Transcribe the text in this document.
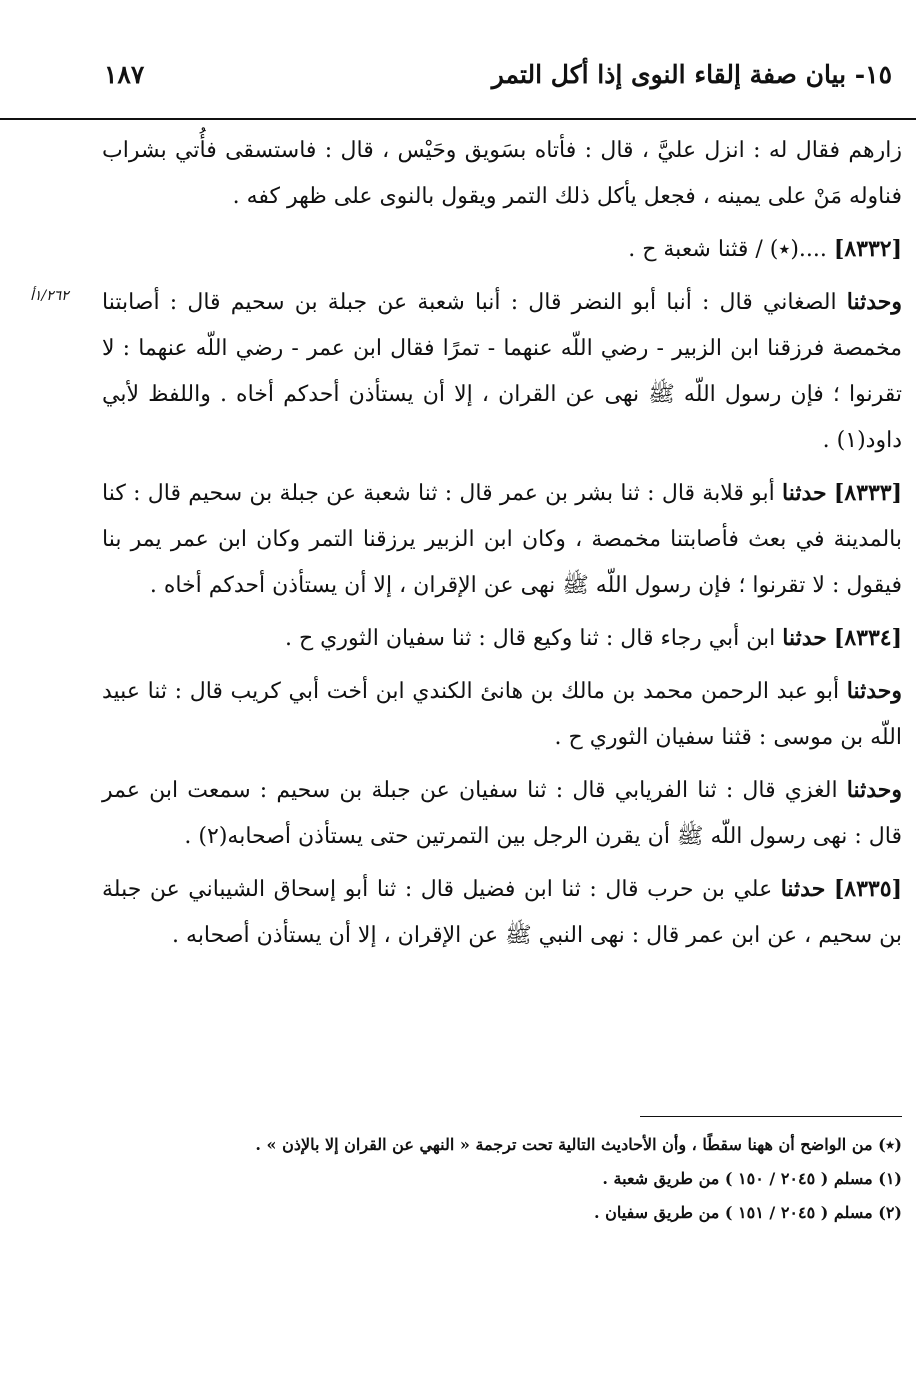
١٥- بيان صفة إلقاء النوى إذا أكل التمر
١٨٧
١/٢٦٢أ

زارهم فقال له : انزل عليَّ ، قال : فأتاه بسَويق وحَيْس ، قال : فاستسقى فأُتي بشراب فناوله مَنْ على يمينه ، فجعل يأكل ذلك التمر ويقول بالنوى على ظهر كفه .

[٨٣٣٢] ....(٭) / قثنا شعبة ح .

وحدثنا الصغاني قال : أنبا أبو النضر قال : أنبا شعبة عن جبلة بن سحيم قال : أصابتنا مخمصة فرزقنا ابن الزبير - رضي اللّه عنهما - تمرًا فقال ابن عمر - رضي اللّه عنهما : لا تقرنوا ؛ فإن رسول اللّه ﷺ نهى عن القران ، إلا أن يستأذن أحدكم أخاه . واللفظ لأبي داود(١) .

[٨٣٣٣] حدثنا أبو قلابة قال : ثنا بشر بن عمر قال : ثنا شعبة عن جبلة بن سحيم قال : كنا بالمدينة في بعث فأصابتنا مخمصة ، وكان ابن الزبير يرزقنا التمر وكان ابن عمر يمر بنا فيقول : لا تقرنوا ؛ فإن رسول اللّه ﷺ نهى عن الإقران ، إلا أن يستأذن أحدكم أخاه .

[٨٣٣٤] حدثنا ابن أبي رجاء قال : ثنا وكيع قال : ثنا سفيان الثوري ح .

وحدثنا أبو عبد الرحمن محمد بن مالك بن هانئ الكندي ابن أخت أبي كريب قال : ثنا عبيد اللّه بن موسى : قثنا سفيان الثوري ح .

وحدثنا الغزي قال : ثنا الفريابي قال : ثنا سفيان عن جبلة بن سحيم : سمعت ابن عمر قال : نهى رسول اللّه ﷺ أن يقرن الرجل بين التمرتين حتى يستأذن أصحابه(٢) .

[٨٣٣٥] حدثنا علي بن حرب قال : ثنا ابن فضيل قال : ثنا أبو إسحاق الشيباني عن جبلة بن سحيم ، عن ابن عمر قال : نهى النبي ﷺ عن الإقران ، إلا أن يستأذن أصحابه .

(٭) من الواضح أن ههنا سقطًا ، وأن الأحاديث التالية تحت ترجمة « النهي عن القران إلا بالإذن » .

(١) مسلم ( ٢٠٤٥ / ١٥٠ ) من طريق شعبة .

(٢) مسلم ( ٢٠٤٥ / ١٥١ ) من طريق سفيان .
